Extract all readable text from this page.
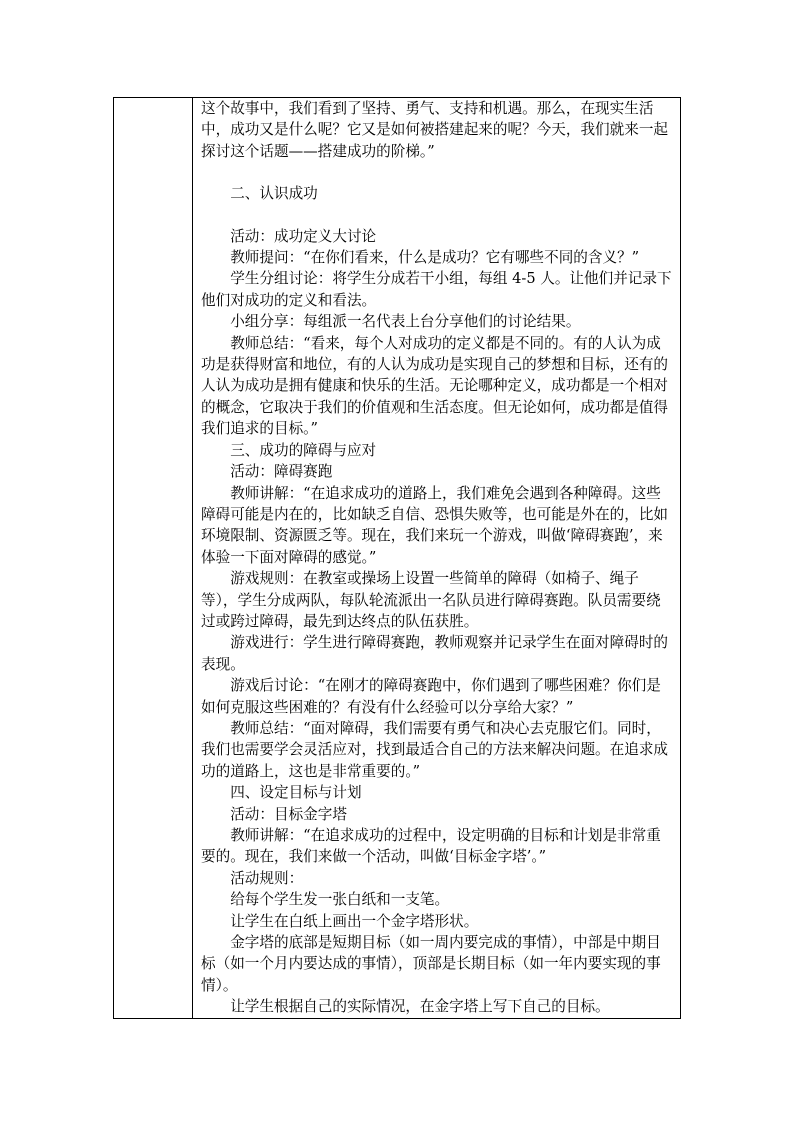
这个故事中，我们看到了坚持、勇气、支持和机遇。那么，在现实生活中，成功又是什么呢？它又是如何被搭建起来的呢？今天，我们就来一起探讨这个话题——搭建成功的阶梯。”

二、认识成功

活动：成功定义大讨论

教师提问：“在你们看来，什么是成功？它有哪些不同的含义？”

学生分组讨论：将学生分成若干小组，每组 4-5 人。让他们并记录下他们对成功的定义和看法。

小组分享：每组派一名代表上台分享他们的讨论结果。

教师总结：“看来，每个人对成功的定义都是不同的。有的人认为成功是获得财富和地位，有的人认为成功是实现自己的梦想和目标，还有的人认为成功是拥有健康和快乐的生活。无论哪种定义，成功都是一个相对的概念，它取决于我们的价值观和生活态度。但无论如何，成功都是值得我们追求的目标。”

三、成功的障碍与应对

活动：障碍赛跑

教师讲解：“在追求成功的道路上，我们难免会遇到各种障碍。这些障碍可能是内在的，比如缺乏自信、恐惧失败等，也可能是外在的，比如环境限制、资源匮乏等。现在，我们来玩一个游戏，叫做‘障碍赛跑’，来体验一下面对障碍的感觉。”

游戏规则：在教室或操场上设置一些简单的障碍（如椅子、绳子等），学生分成两队，每队轮流派出一名队员进行障碍赛跑。队员需要绕过或跨过障碍，最先到达终点的队伍获胜。

游戏进行：学生进行障碍赛跑，教师观察并记录学生在面对障碍时的表现。

游戏后讨论：“在刚才的障碍赛跑中，你们遇到了哪些困难？你们是如何克服这些困难的？有没有什么经验可以分享给大家？”

教师总结：“面对障碍，我们需要有勇气和决心去克服它们。同时，我们也需要学会灵活应对，找到最适合自己的方法来解决问题。在追求成功的道路上，这也是非常重要的。”

四、设定目标与计划

活动：目标金字塔

教师讲解：“在追求成功的过程中，设定明确的目标和计划是非常重要的。现在，我们来做一个活动，叫做‘目标金字塔’。”

活动规则：

给每个学生发一张白纸和一支笔。

让学生在白纸上画出一个金字塔形状。

金字塔的底部是短期目标（如一周内要完成的事情），中部是中期目标（如一个月内要达成的事情），顶部是长期目标（如一年内要实现的事情）。

让学生根据自己的实际情况，在金字塔上写下自己的目标。
